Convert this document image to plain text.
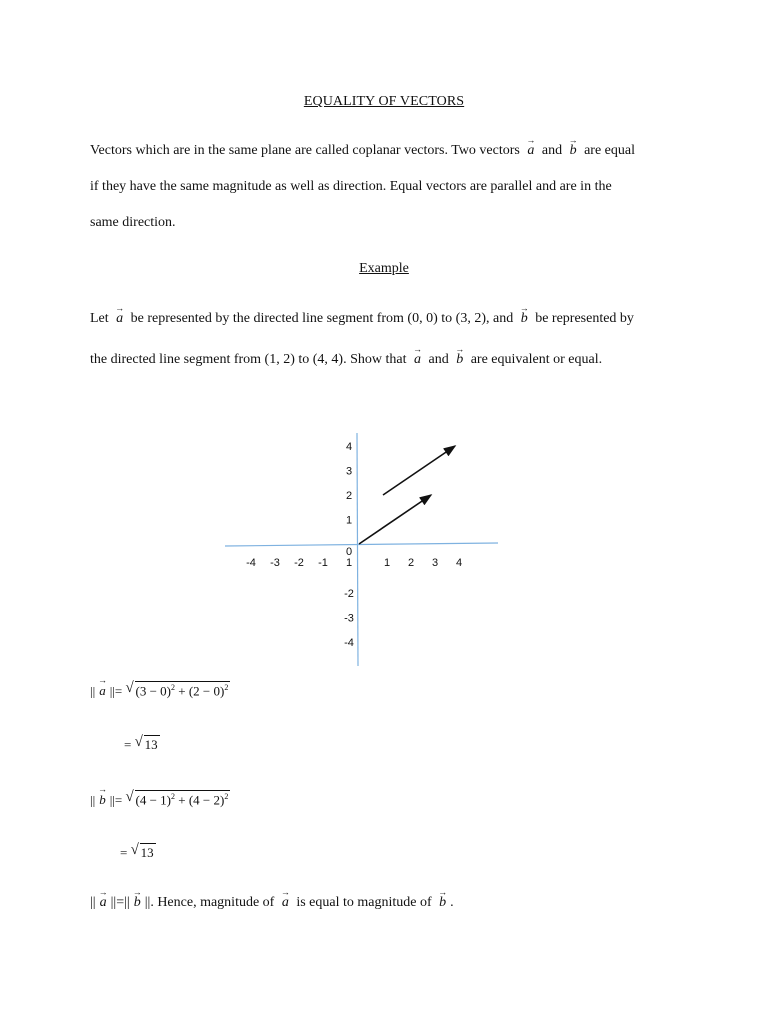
EQUALITY OF VECTORS
Vectors which are in the same plane are called coplanar vectors. Two vectors → a and → b are equal
if they have the same magnitude as well as direction. Equal vectors are parallel and are in the
same direction.
Example
Let → a be represented by the directed line segment from (0, 0) to (3, 2), and → b be represented by
the directed line segment from (1, 2) to (4, 4). Show that → a and → b are equivalent or equal.
-4 -3 -2 -1	1 2 3 4
4
3
2
1
0
1
-2
-3
-4
|| → a ||= √ $(3 - 0)^2 + (2 - 0)^2$
= √ 13
|| → b ||= √ $(4 - 1)^2 + (4 - 2)^2$
= √ 13
|| → a ||=|| → b ||. Hence, magnitude of → a is equal to magnitude of → b .
